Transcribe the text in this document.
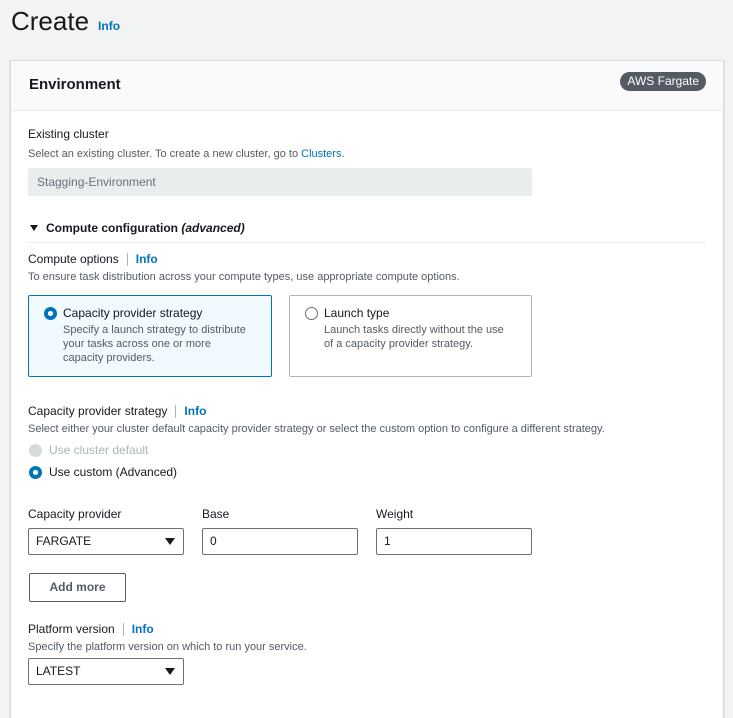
Create Info
Environment	AWS Fargate
Existing cluster
Select an existing cluster. To create a new cluster, go to Clusters.
Stagging-Environment
Compute configuration (advanced)
Compute options Info
To ensure task distribution across your compute types, use appropriate compute options.
Capacity provider strategy
Specify a launch strategy to distribute your tasks across one or more capacity providers.
Launch type
Launch tasks directly without the use of a capacity provider strategy.
Capacity provider strategy Info
Select either your cluster default capacity provider strategy or select the custom option to configure a different strategy.
Use cluster default
Use custom (Advanced)
Capacity provider	Base	Weight
FARGATE	0	1
Add more
Platform version Info
Specify the platform version on which to run your service.
LATEST
